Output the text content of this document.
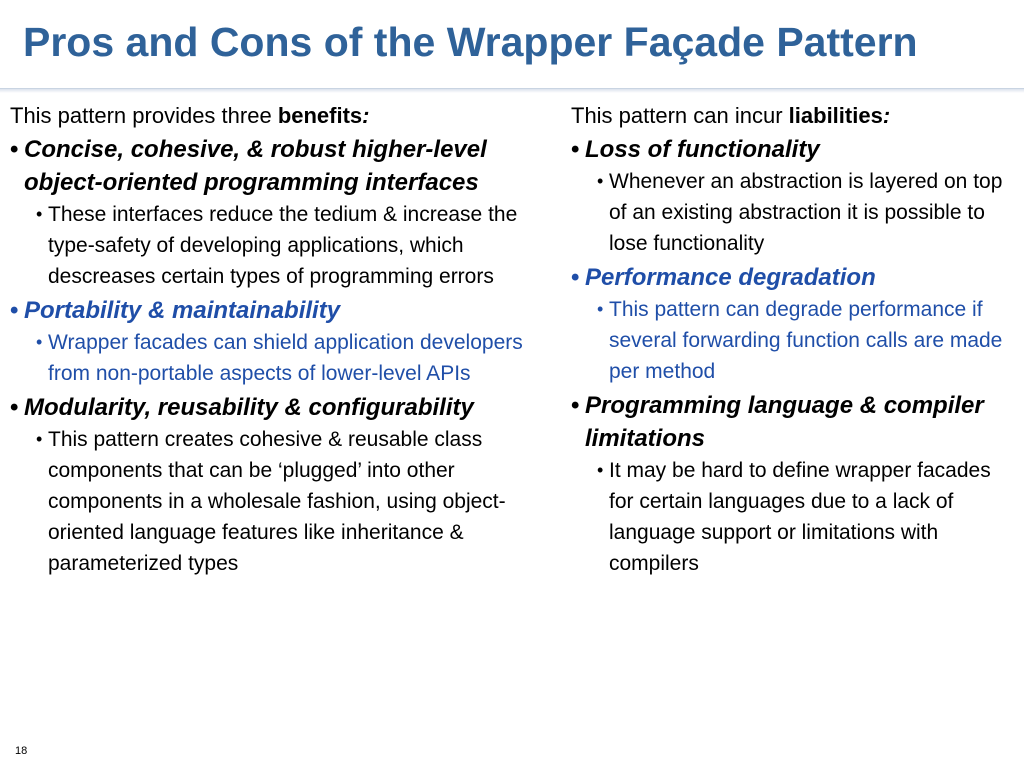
Pros and Cons of the Wrapper Façade Pattern

This pattern provides three benefits:

• Concise, cohesive, & robust higher-level object-oriented programming interfaces
• These interfaces reduce the tedium & increase the type-safety of developing applications, which descreases certain types of programming errors
• Portability & maintainability
• Wrapper facades can shield application developers from non-portable aspects of lower-level APIs
• Modularity, reusability & configurability
• This pattern creates cohesive & reusable class components that can be ‘plugged’ into other components in a wholesale fashion, using object-oriented language features like inheritance & parameterized types

This pattern can incur liabilities:

• Loss of functionality
• Whenever an abstraction is layered on top of an existing abstraction it is possible to lose functionality
• Performance degradation
• This pattern can degrade performance if several forwarding function calls are made per method
• Programming language & compiler limitations
• It may be hard to define wrapper facades for certain languages due to a lack of language support or limitations with compilers
18
